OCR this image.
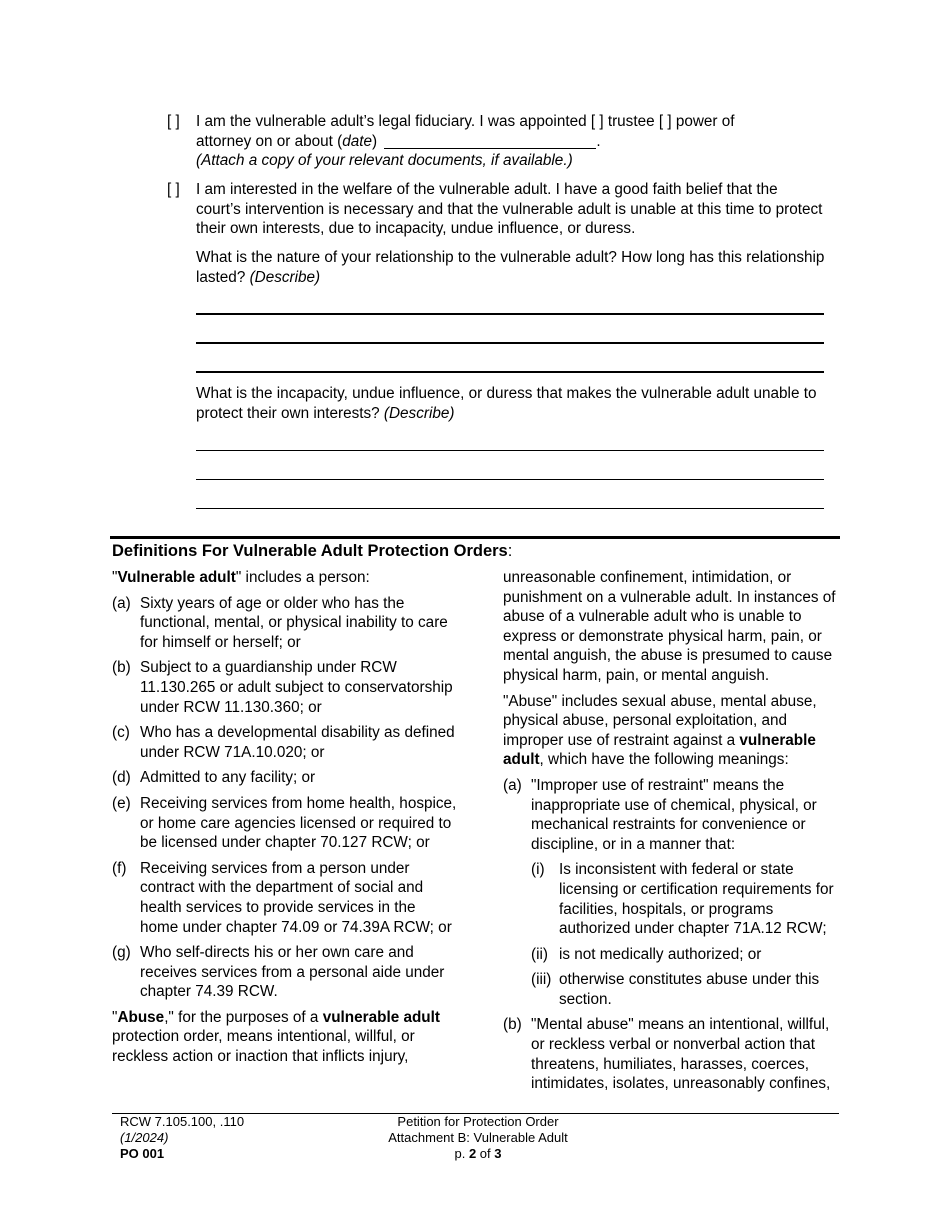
[ ] I am the vulnerable adult’s legal fiduciary. I was appointed [ ] trustee [ ] power of
attorney on or about (date)	.
(Attach a copy of your relevant documents, if available.)
[ ] I am interested in the welfare of the vulnerable adult. I have a good faith belief that the court’s intervention is necessary and that the vulnerable adult is unable at this time to protect their own interests, due to incapacity, undue influence, or duress.
What is the nature of your relationship to the vulnerable adult? How long has this relationship lasted? (Describe)
What is the incapacity, undue influence, or duress that makes the vulnerable adult unable to protect their own interests? (Describe)
Definitions For Vulnerable Adult Protection Orders:
"Vulnerable adult" includes a person:
(a) Sixty years of age or older who has the functional, mental, or physical inability to care for himself or herself; or
(b) Subject to a guardianship under RCW 11.130.265 or adult subject to conservatorship under RCW 11.130.360; or
(c) Who has a developmental disability as defined under RCW 71A.10.020; or
(d) Admitted to any facility; or
(e) Receiving services from home health, hospice, or home care agencies licensed or required to be licensed under chapter 70.127 RCW; or
(f) Receiving services from a person under contract with the department of social and health services to provide services in the home under chapter 74.09 or 74.39A RCW; or
(g) Who self-directs his or her own care and receives services from a personal aide under chapter 74.39 RCW.
"Abuse," for the purposes of a vulnerable adult protection order, means intentional, willful, or reckless action or inaction that inflicts injury,
unreasonable confinement, intimidation, or punishment on a vulnerable adult. In instances of abuse of a vulnerable adult who is unable to express or demonstrate physical harm, pain, or mental anguish, the abuse is presumed to cause physical harm, pain, or mental anguish.
"Abuse" includes sexual abuse, mental abuse, physical abuse, personal exploitation, and improper use of restraint against a vulnerable adult, which have the following meanings:
(a) "Improper use of restraint" means the inappropriate use of chemical, physical, or mechanical restraints for convenience or discipline, or in a manner that:
(i) Is inconsistent with federal or state licensing or certification requirements for facilities, hospitals, or programs authorized under chapter 71A.12 RCW;
(ii) is not medically authorized; or
(iii) otherwise constitutes abuse under this section.
(b) "Mental abuse" means an intentional, willful, or reckless verbal or nonverbal action that threatens, humiliates, harasses, coerces, intimidates, isolates, unreasonably confines,
RCW 7.105.100, .110
(1/2024)
PO 001
Petition for Protection Order
Attachment B: Vulnerable Adult
p. 2 of 3
